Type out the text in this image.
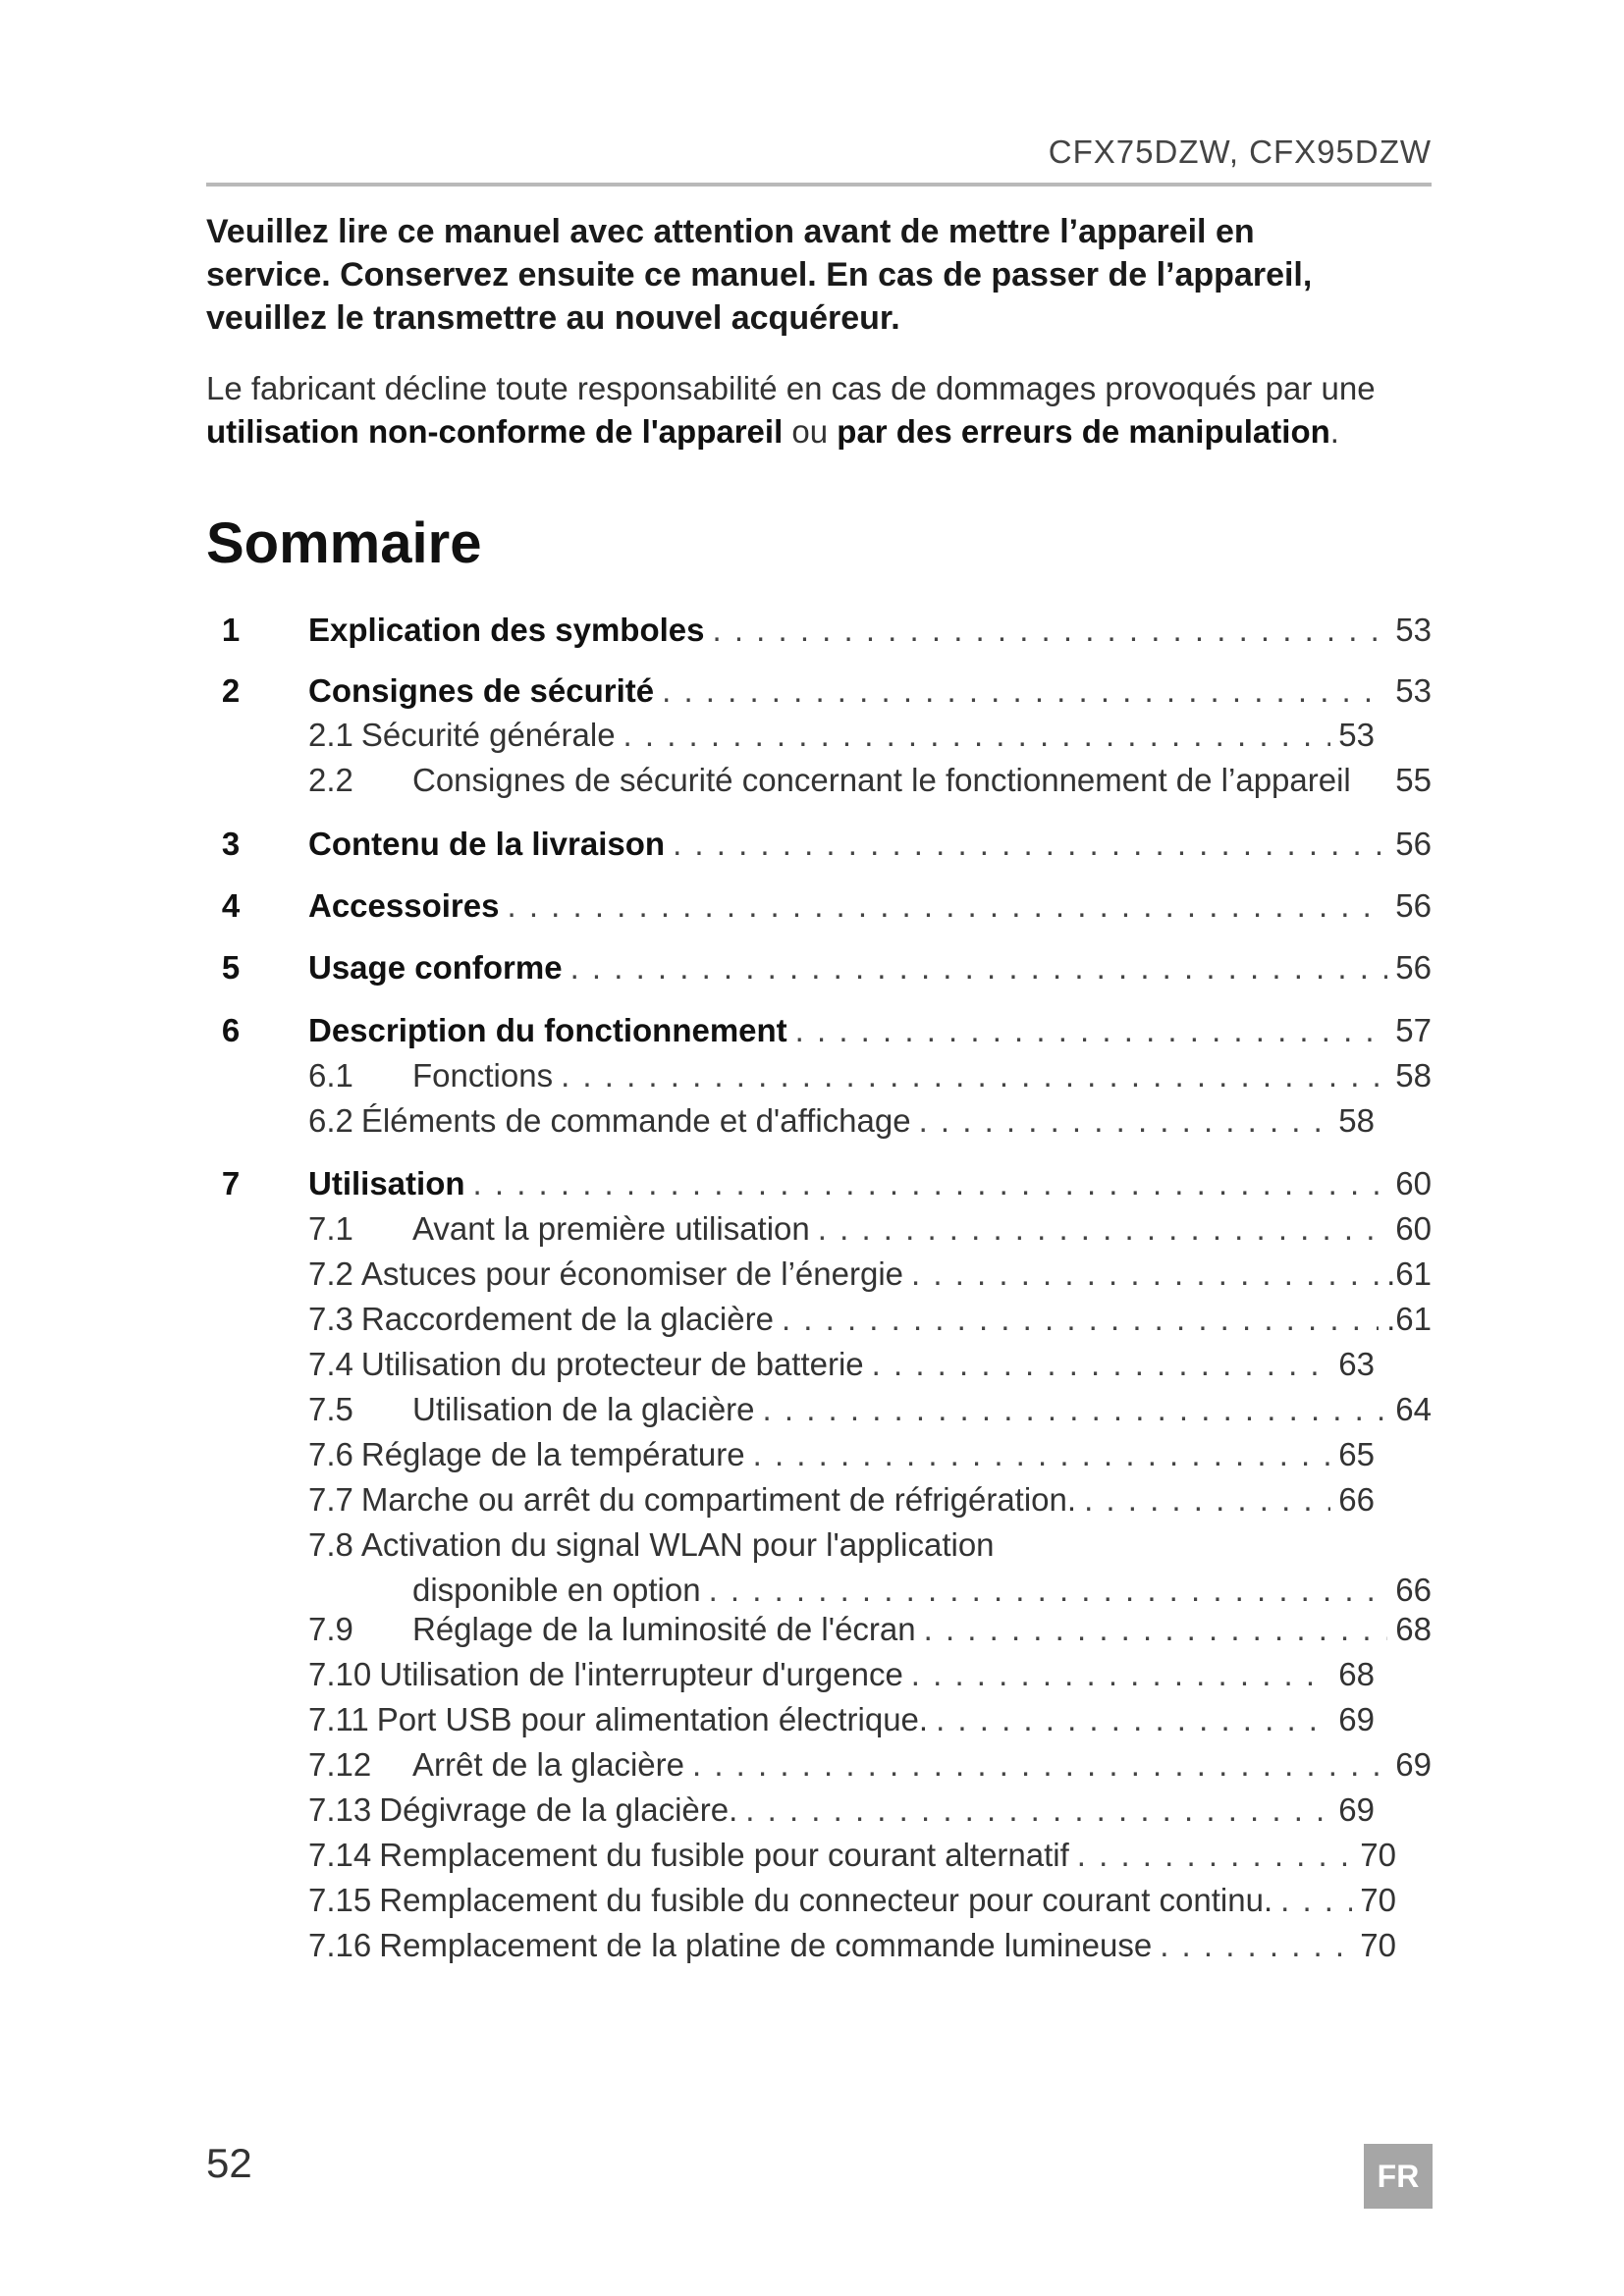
CFX75DZW, CFX95DZW
Veuillez lire ce manuel avec attention avant de mettre l’appareil en
service. Conservez ensuite ce manuel. En cas de passer de l’appareil,
veuillez le transmettre au nouvel acquéreur.
Le fabricant décline toute responsabilité en cas de dommages provoqués par une
utilisation non-conforme de l'appareil ou par des erreurs de manipulation.
Sommaire
1	Explication des symboles . . .	53
2	Consignes de sécurité . . .	53
2.1 Sécurité générale . . .	53
2.2	Consignes de sécurité concernant le fonctionnement de l’appareil 55
3	Contenu de la livraison . . .	56
4	Accessoires . . .	56
5	Usage conforme . . .	56
6	Description du fonctionnement . . .	57
6.1	Fonctions . . .	58
6.2 Éléments de commande et d'affichage . . .	58
7	Utilisation . . .	60
7.1	Avant la première utilisation . . .	60
7.2 Astuces pour économiser de l’énergie . . .	.61
7.3 Raccordement de la glacière . . .	.61
7.4 Utilisation du protecteur de batterie . . .	63
7.5	Utilisation de la glacière . . .	64
7.6 Réglage de la température . . .	65
7.7 Marche ou arrêt du compartiment de réfrigération. . . .	66
7.8 Activation du signal WLAN pour l'application
disponible en option . . .	66
7.9	Réglage de la luminosité de l'écran . . .	68
7.10 Utilisation de l'interrupteur d'urgence . . .	68
7.11 Port USB pour alimentation électrique. . . .	69
7.12	Arrêt de la glacière . . .	69
7.13 Dégivrage de la glacière. . . .	69
7.14 Remplacement du fusible pour courant alternatif . . .	70
7.15 Remplacement du fusible du connecteur pour courant continu. . . .	70
7.16 Remplacement de la platine de commande lumineuse . . .	70
52	FR
